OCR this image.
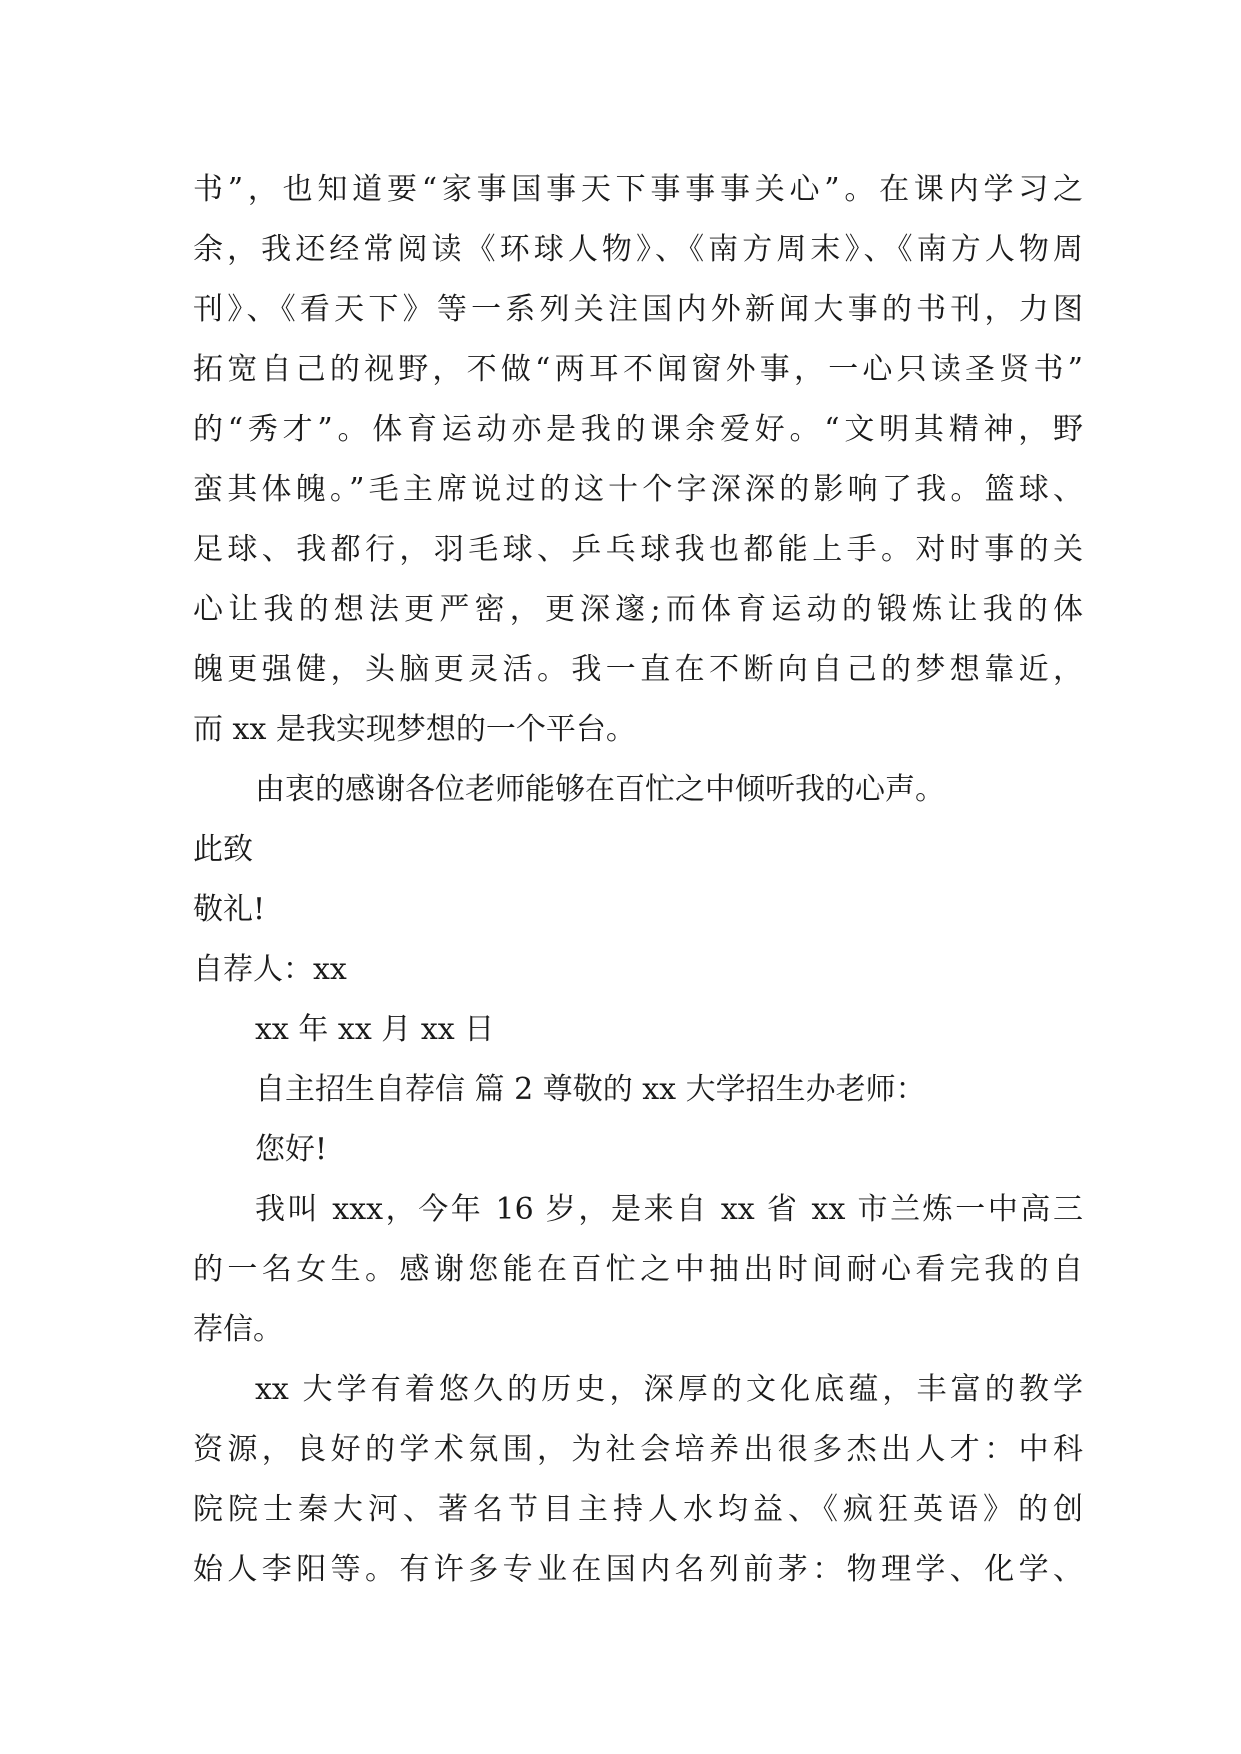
书”，也知道要“家事国事天下事事事关心”。在课内学习之
余，我还经常阅读《环球人物》、《南方周末》、《南方人物周
刊》、《看天下》等一系列关注国内外新闻大事的书刊，力图
拓宽自己的视野，不做“两耳不闻窗外事，一心只读圣贤书”
的“秀才”。体育运动亦是我的课余爱好。“文明其精神，野
蛮其体魄。”毛主席说过的这十个字深深的影响了我。篮球、
足球、我都行，羽毛球、乒乓球我也都能上手。对时事的关
心让我的想法更严密，更深邃;而体育运动的锻炼让我的体
魄更强健，头脑更灵活。我一直在不断向自己的梦想靠近，
而 xx 是我实现梦想的一个平台。
由衷的感谢各位老师能够在百忙之中倾听我的心声。
此致
敬礼!
自荐人：xx
xx 年 xx 月 xx 日
自主招生自荐信 篇 2 尊敬的 xx 大学招生办老师：
您好!
我叫 xxx，今年 16 岁，是来自 xx 省 xx 市兰炼一中高三
的一名女生。感谢您能在百忙之中抽出时间耐心看完我的自
荐信。
xx 大学有着悠久的历史，深厚的文化底蕴，丰富的教学
资源，良好的学术氛围，为社会培养出很多杰出人才：中科
院院士秦大河、著名节目主持人水均益、《疯狂英语》的创
始人李阳等。有许多专业在国内名列前茅：物理学、化学、
